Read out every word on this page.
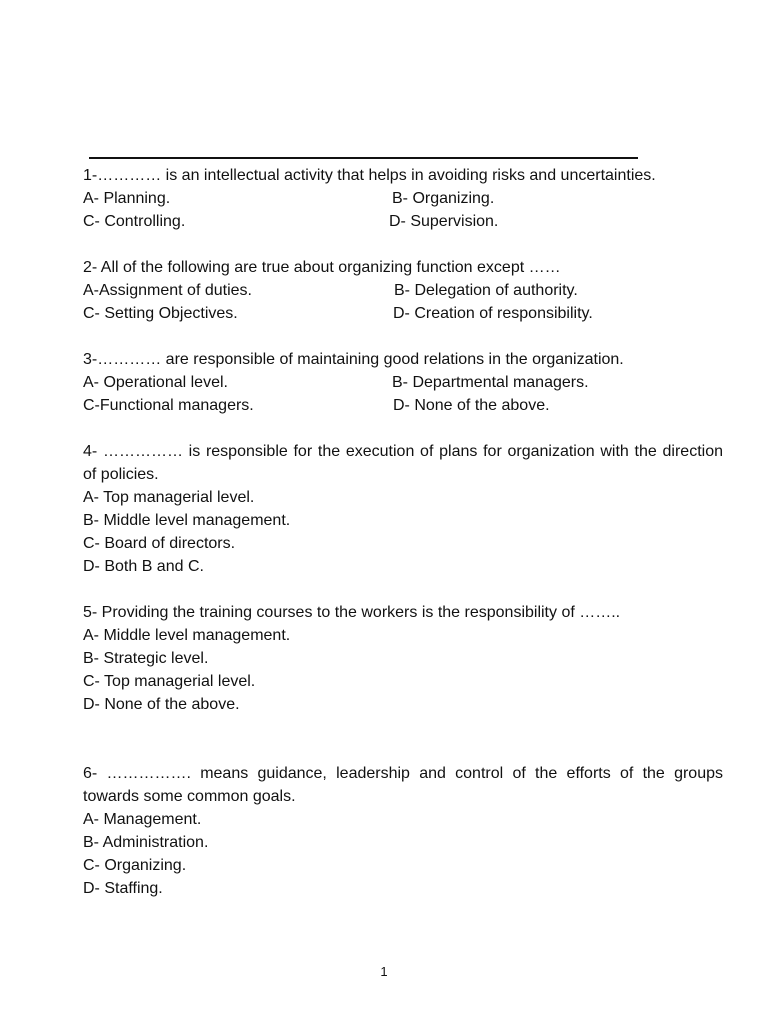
1-………… is an intellectual activity that helps in avoiding risks and uncertainties.
A- Planning.	B- Organizing.
C- Controlling.	D- Supervision.
2- All of the following are true about organizing function except ……
A-Assignment of duties.	B- Delegation of authority.
C- Setting Objectives.	D- Creation of responsibility.
3-………… are responsible of maintaining good relations in the organization.
A- Operational level.	B- Departmental managers.
C-Functional managers.	D- None of the above.
4- …………… is responsible for the execution of plans for organization with the direction of policies.
A- Top managerial level.
B- Middle level management.
C- Board of directors.
D- Both B and C.
5- Providing the training courses to the workers is the responsibility of ……..
A- Middle level management.
B- Strategic level.
C- Top managerial level.
D- None of the above.
6- ……………. means guidance, leadership and control of the efforts of the groups towards some common goals.
A- Management.
B- Administration.
C- Organizing.
D- Staffing.
1
